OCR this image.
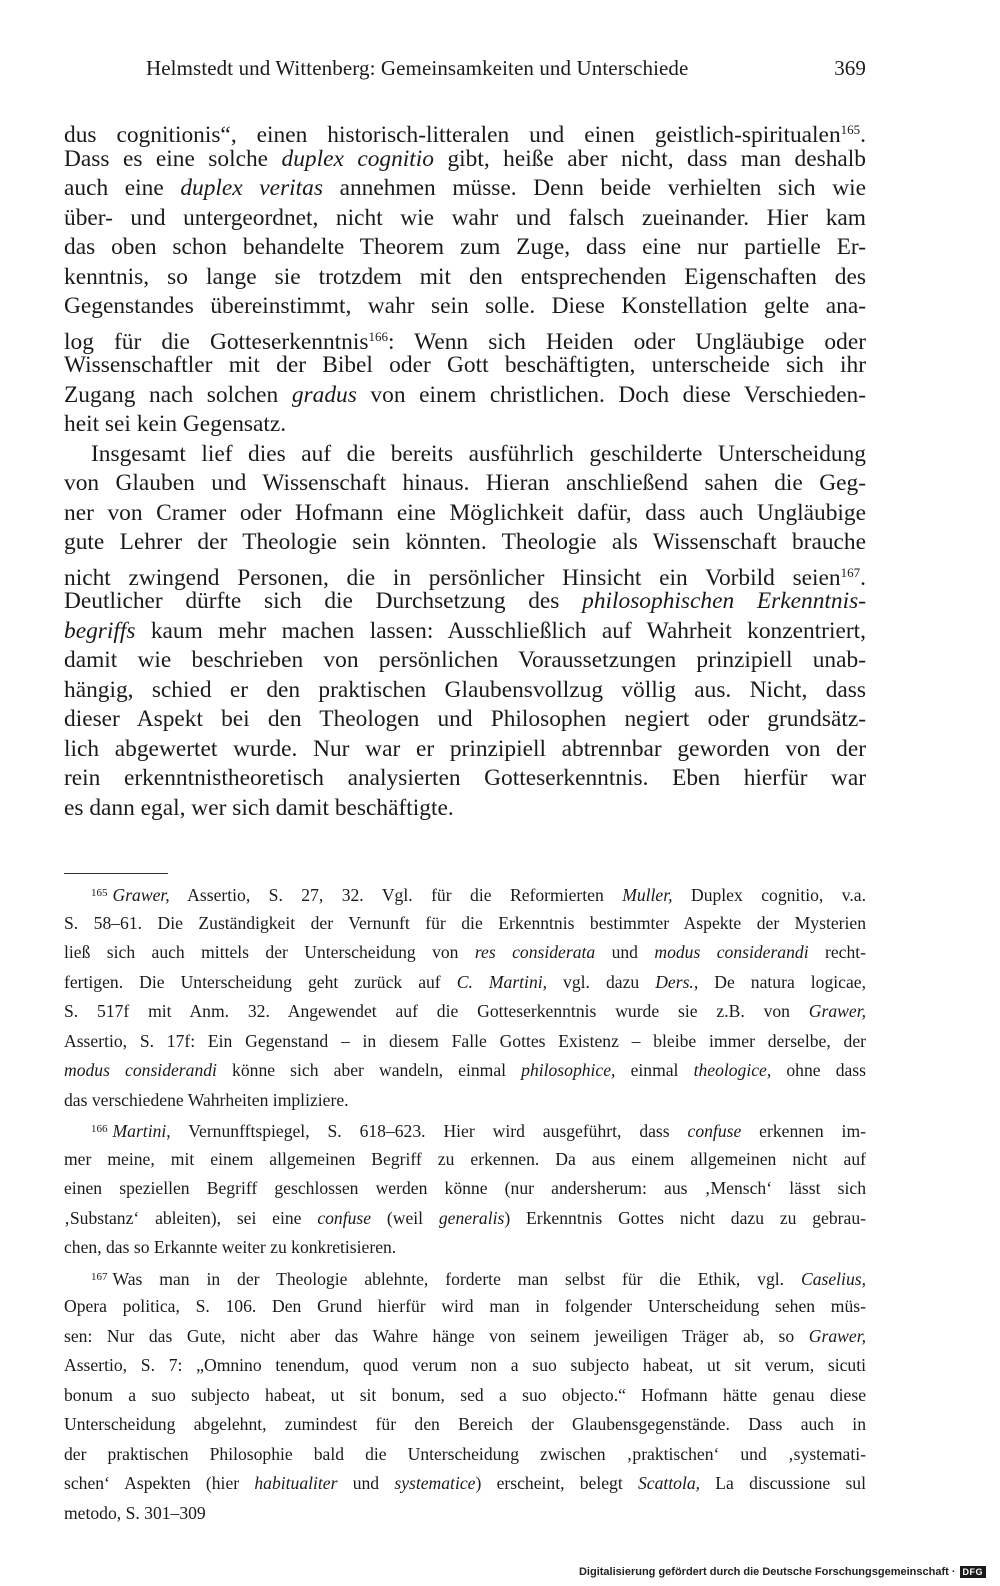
Helmstedt und Wittenberg: Gemeinsamkeiten und Unterschiede	369
dus cognitionis“, einen historisch-litteralen und einen geistlich-spiritualen$^{165}$.
Dass es eine solche duplex cognitio gibt, heiße aber nicht, dass man deshalb
auch eine duplex veritas annehmen müsse. Denn beide verhielten sich wie
über- und untergeordnet, nicht wie wahr und falsch zueinander. Hier kam
das oben schon behandelte Theorem zum Zuge, dass eine nur partielle Er-
kenntnis, so lange sie trotzdem mit den entsprechenden Eigenschaften des
Gegenstandes übereinstimmt, wahr sein solle. Diese Konstellation gelte ana-
log für die Gotteserkenntnis$^{166}$: Wenn sich Heiden oder Ungläubige oder
Wissenschaftler mit der Bibel oder Gott beschäftigten, unterscheide sich ihr
Zugang nach solchen gradus von einem christlichen. Doch diese Verschieden-
heit sei kein Gegensatz.
Insgesamt lief dies auf die bereits ausführlich geschilderte Unterscheidung
von Glauben und Wissenschaft hinaus. Hieran anschließend sahen die Geg-
ner von Cramer oder Hofmann eine Möglichkeit dafür, dass auch Ungläubige
gute Lehrer der Theologie sein könnten. Theologie als Wissenschaft brauche
nicht zwingend Personen, die in persönlicher Hinsicht ein Vorbild seien$^{167}$.
Deutlicher dürfte sich die Durchsetzung des philosophischen Erkenntnis-
begriffs kaum mehr machen lassen: Ausschließlich auf Wahrheit konzentriert,
damit wie beschrieben von persönlichen Voraussetzungen prinzipiell unab-
hängig, schied er den praktischen Glaubensvollzug völlig aus. Nicht, dass
dieser Aspekt bei den Theologen und Philosophen negiert oder grundsätz-
lich abgewertet wurde. Nur war er prinzipiell abtrennbar geworden von der
rein erkenntnistheoretisch analysierten Gotteserkenntnis. Eben hierfür war
es dann egal, wer sich damit beschäftigte.
$^{165}$ Grawer, Assertio, S. 27, 32. Vgl. für die Reformierten Muller, Duplex cognitio, v.a.
S. 58–61. Die Zuständigkeit der Vernunft für die Erkenntnis bestimmter Aspekte der Mysterien
ließ sich auch mittels der Unterscheidung von res considerata und modus considerandi recht-
fertigen. Die Unterscheidung geht zurück auf C. Martini, vgl. dazu Ders., De natura logicae,
S. 517f mit Anm. 32. Angewendet auf die Gotteserkenntnis wurde sie z.B. von Grawer,
Assertio, S. 17f: Ein Gegenstand – in diesem Falle Gottes Existenz – bleibe immer derselbe, der
modus considerandi könne sich aber wandeln, einmal philosophice, einmal theologice, ohne dass
das verschiedene Wahrheiten impliziere.
$^{166}$ Martini, Vernunfftspiegel, S. 618–623. Hier wird ausgeführt, dass confuse erkennen im-
mer meine, mit einem allgemeinen Begriff zu erkennen. Da aus einem allgemeinen nicht auf
einen speziellen Begriff geschlossen werden könne (nur andersherum: aus ‚Mensch‘ lässt sich
‚Substanz‘ ableiten), sei eine confuse (weil generalis) Erkenntnis Gottes nicht dazu zu gebrau-
chen, das so Erkannte weiter zu konkretisieren.
$^{167}$ Was man in der Theologie ablehnte, forderte man selbst für die Ethik, vgl. Caselius,
Opera politica, S. 106. Den Grund hierfür wird man in folgender Unterscheidung sehen müs-
sen: Nur das Gute, nicht aber das Wahre hänge von seinem jeweiligen Träger ab, so Grawer,
Assertio, S. 7: „Omnino tenendum, quod verum non a suo subjecto habeat, ut sit verum, sicuti
bonum a suo subjecto habeat, ut sit bonum, sed a suo objecto.“ Hofmann hätte genau diese
Unterscheidung abgelehnt, zumindest für den Bereich der Glaubensgegenstände. Dass auch in
der praktischen Philosophie bald die Unterscheidung zwischen ‚praktischen‘ und ‚systemati-
schen‘ Aspekten (hier habitualiter und systematice) erscheint, belegt Scattola, La discussione sul
metodo, S. 301–309
Digitalisierung gefördert durch die Deutsche Forschungsgemeinschaft · DFG
